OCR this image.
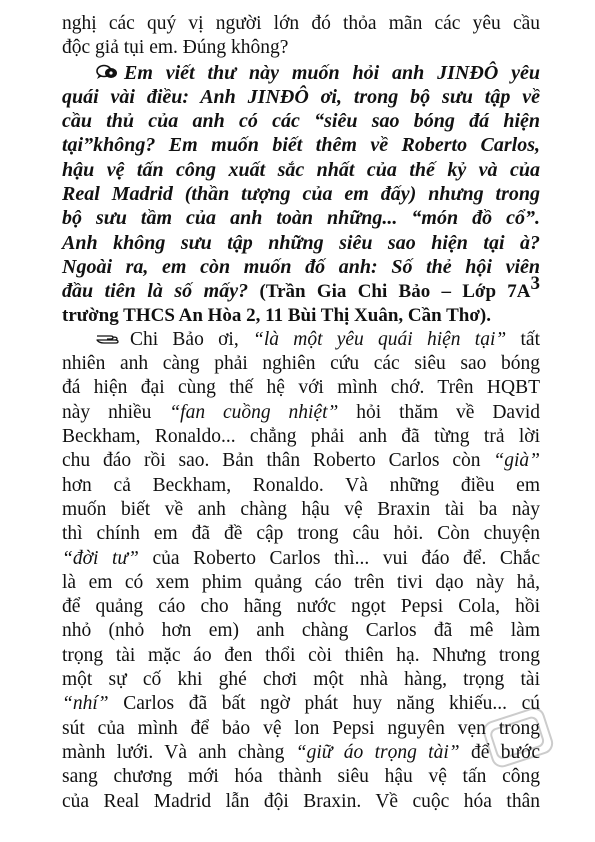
nghị các quý vị người lớn đó thỏa mãn các yêu cầu
độc giả tụi em. Đúng không?
Em viết thư này muốn hỏi anh JINĐÔ yêu
quái vài điều: Anh JINĐÔ ơi, trong bộ sưu tập về
cầu thủ của anh có các “siêu sao bóng đá hiện
tại”không? Em muốn biết thêm về Roberto Carlos,
hậu vệ tấn công xuất sắc nhất của thế kỷ và của
Real Madrid (thần tượng của em đấy) nhưng trong
bộ sưu tầm của anh toàn những... “món đồ cổ”.
Anh không sưu tập những siêu sao hiện tại à?
Ngoài ra, em còn muốn đố anh: Số thẻ hội viên
đầu tiên là số mấy? (Trần Gia Chi Bảo – Lớp $7A^3$
trường THCS An Hòa 2, 11 Bùi Thị Xuân, Cần Thơ).
Chi Bảo ơi, “là một yêu quái hiện tại” tất
nhiên anh càng phải nghiên cứu các siêu sao bóng
đá hiện đại cùng thế hệ với mình chớ. Trên HQBT
này nhiều “fan cuồng nhiệt” hỏi thăm về David
Beckham, Ronaldo... chẳng phải anh đã từng trả lời
chu đáo rồi sao. Bản thân Roberto Carlos còn “già”
hơn cả Beckham, Ronaldo. Và những điều em
muốn biết về anh chàng hậu vệ Braxin tài ba này
thì chính em đã đề cập trong câu hỏi. Còn chuyện
“đời tư” của Roberto Carlos thì... vui đáo để. Chắc
là em có xem phim quảng cáo trên tivi dạo này hả,
để quảng cáo cho hãng nước ngọt Pepsi Cola, hồi
nhỏ (nhỏ hơn em) anh chàng Carlos đã mê làm
trọng tài mặc áo đen thổi còi thiên hạ. Nhưng trong
một sự cố khi ghé chơi một nhà hàng, trọng tài
“nhí” Carlos đã bất ngờ phát huy năng khiếu... cú
sút của mình để bảo vệ lon Pepsi nguyên vẹn trong
mành lưới. Và anh chàng “giữ áo trọng tài” để bước
sang chương mới hóa thành siêu hậu vệ tấn công
của Real Madrid lẫn đội Braxin. Về cuộc hóa thân
